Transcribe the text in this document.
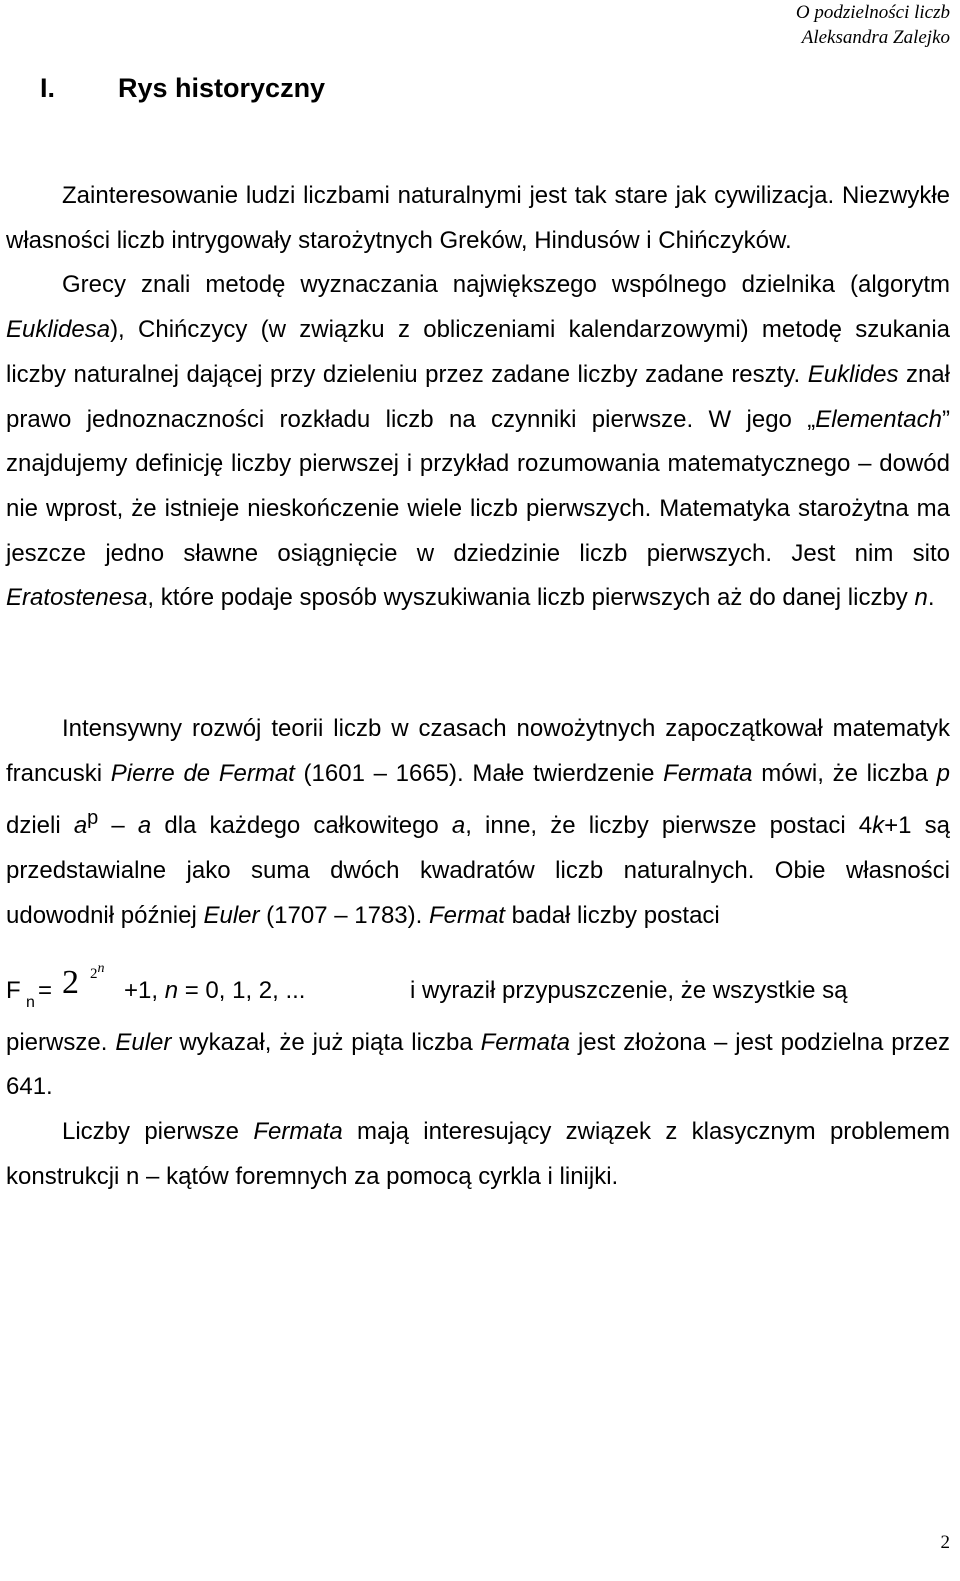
O podzielności liczb
Aleksandra Zalejko
I. Rys historyczny

Zainteresowanie ludzi liczbami naturalnymi jest tak stare jak cywilizacja. Niezwykłe własności liczb intrygowały starożytnych Greków, Hindusów i Chińczyków.

Grecy znali metodę wyznaczania największego wspólnego dzielnika (algorytm Euklidesa), Chińczycy (w związku z obliczeniami kalendarzowymi) metodę szukania liczby naturalnej dającej przy dzieleniu przez zadane liczby zadane reszty. Euklides znał prawo jednoznaczności rozkładu liczb na czynniki pierwsze. W jego „Elementach” znajdujemy definicję liczby pierwszej i przykład rozumowania matematycznego – dowód nie wprost, że istnieje nieskończenie wiele liczb pierwszych. Matematyka starożytna ma jeszcze jedno sławne osiągnięcie w dziedzinie liczb pierwszych. Jest nim sito Eratostenesa, które podaje sposób wyszukiwania liczb pierwszych aż do danej liczby n.

Intensywny rozwój teorii liczb w czasach nowożytnych zapoczątkował matematyk francuski Pierre de Fermat (1601 – 1665). Małe twierdzenie Fermata mówi, że liczba p dzieli $a^p$ – a dla każdego całkowitego a, inne, że liczby pierwsze postaci 4k+1 są przedstawialne jako suma dwóch kwadratów liczb naturalnych. Obie własności udowodnił później Euler (1707 – 1783). Fermat badał liczby postaci

F n = 2 $2^n$
+1, n = 0, 1, 2, ...	i wyraził przypuszczenie, że wszystkie są

pierwsze. Euler wykazał, że już piąta liczba Fermata jest złożona – jest podzielna przez 641.

Liczby pierwsze Fermata mają interesujący związek z klasycznym problemem konstrukcji n – kątów foremnych za pomocą cyrkla i linijki.

2
